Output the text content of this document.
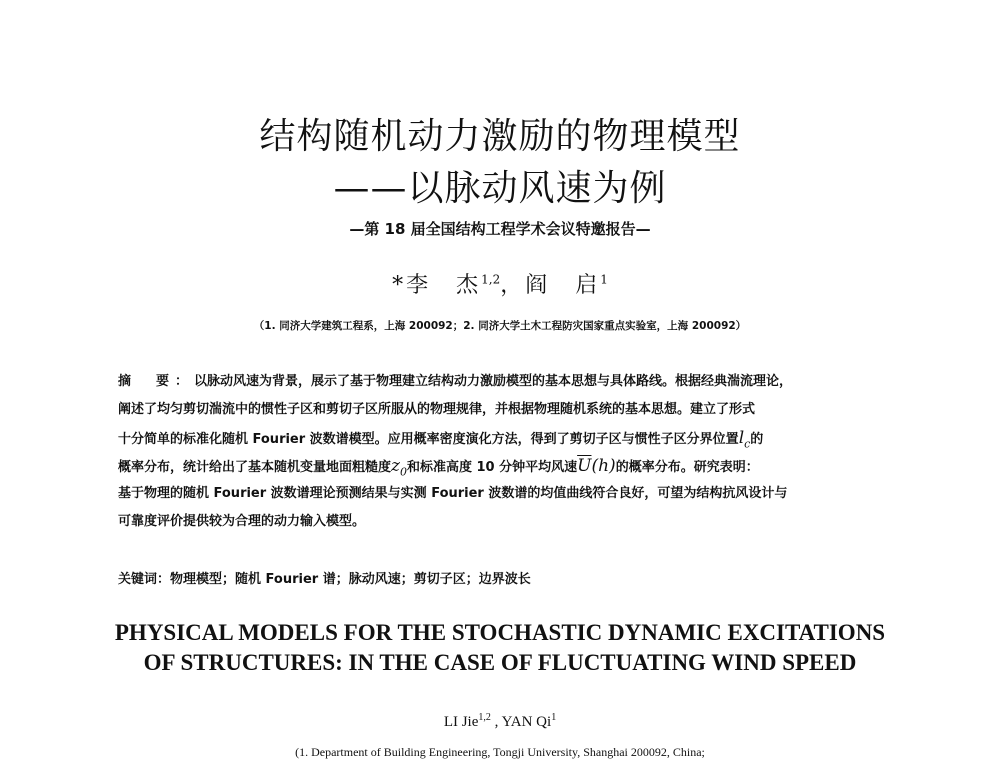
结构随机动力激励的物理模型
——以脉动风速为例
—第 18 届全国结构工程学术会议特邀报告—
*李　杰$^{1,2}$，阎　启$^1$
（1. 同济大学建筑工程系，上海 200092；2. 同济大学土木工程防灾国家重点实验室，上海 200092）
摘　要：以脉动风速为背景，展示了基于物理建立结构动力激励模型的基本思想与具体路线。根据经典湍流理论，
阐述了均匀剪切湍流中的惯性子区和剪切子区所服从的物理规律，并根据物理随机系统的基本思想。建立了形式
十分简单的标准化随机 Fourier 波数谱模型。应用概率密度演化方法，得到了剪切子区与惯性子区分界位置$l_c$的
概率分布，统计给出了基本随机变量地面粗糙度$z_0$和标准高度 10 分钟平均风速$\overline{U}(h)$的概率分布。研究表明：
基于物理的随机 Fourier 波数谱理论预测结果与实测 Fourier 波数谱的均值曲线符合良好，可望为结构抗风设计与
可靠度评价提供较为合理的动力输入模型。
关键词：物理模型；随机 Fourier 谱；脉动风速；剪切子区；边界波长
PHYSICAL MODELS FOR THE STOCHASTIC DYNAMIC EXCITATIONS
OF STRUCTURES: IN THE CASE OF FLUCTUATING WIND SPEED
LI Jie$^{1,2}$ , YAN Qi$^1$
(1. Department of Building Engineering, Tongji University, Shanghai 200092, China;
